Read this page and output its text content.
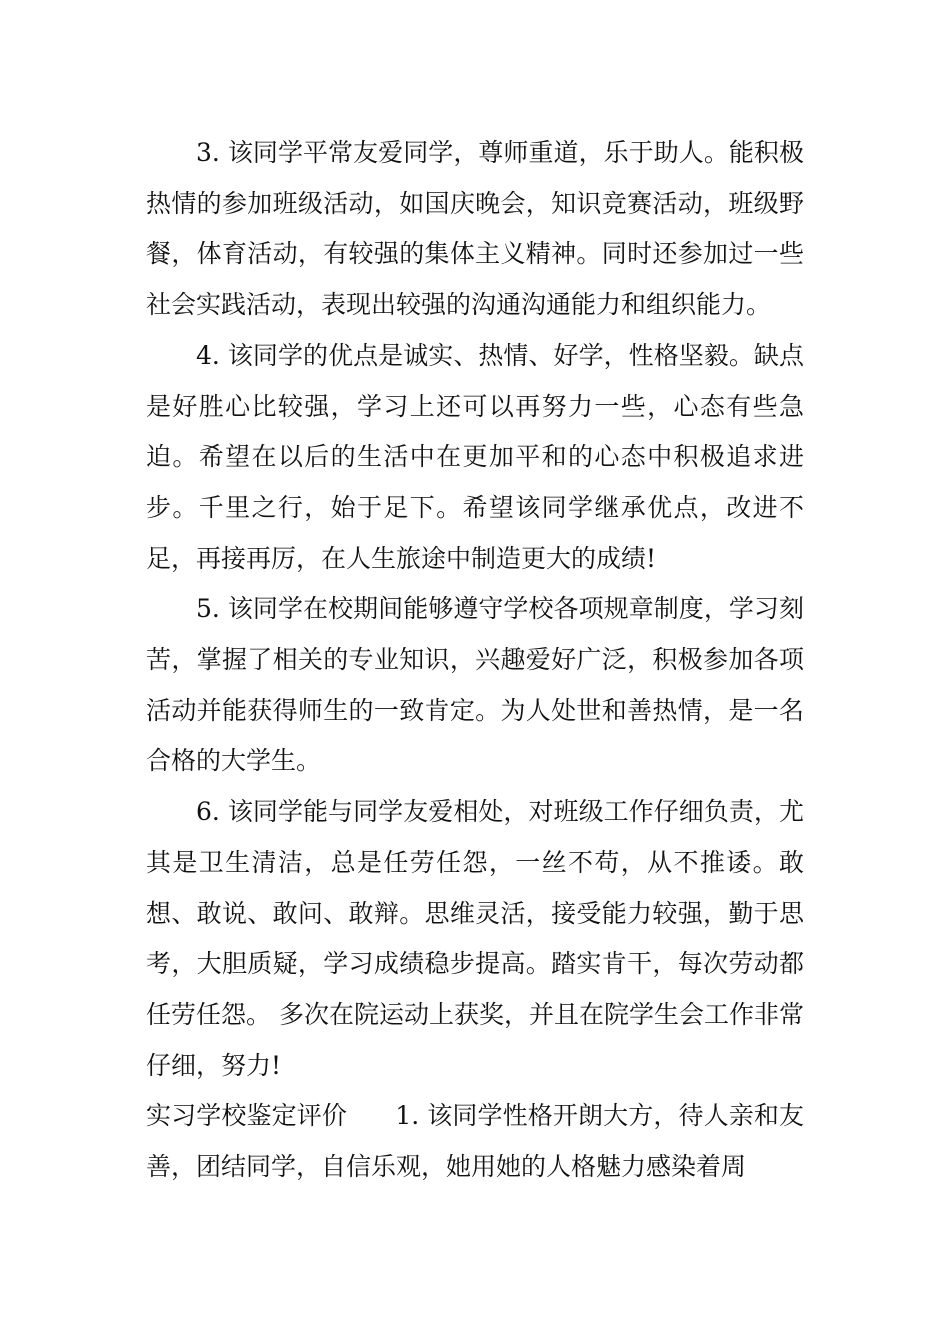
3. 该同学平常友爱同学，尊师重道，乐于助人。能积极热情的参加班级活动，如国庆晚会，知识竞赛活动，班级野餐，体育活动，有较强的集体主义精神。同时还参加过一些社会实践活动，表现出较强的沟通沟通能力和组织能力。

4. 该同学的优点是诚实、热情、好学，性格坚毅。缺点是好胜心比较强，学习上还可以再努力一些，心态有些急迫。希望在以后的生活中在更加平和的心态中积极追求进步。千里之行，始于足下。希望该同学继承优点，改进不足，再接再厉，在人生旅途中制造更大的成绩!

5. 该同学在校期间能够遵守学校各项规章制度，学习刻苦，掌握了相关的专业知识，兴趣爱好广泛，积极参加各项活动并能获得师生的一致肯定。为人处世和善热情，是一名合格的大学生。

6. 该同学能与同学友爱相处，对班级工作仔细负责，尤其是卫生清洁，总是任劳任怨，一丝不苟，从不推诿。敢想、敢说、敢问、敢辩。思维灵活，接受能力较强，勤于思考，大胆质疑，学习成绩稳步提高。踏实肯干，每次劳动都任劳任怨。 多次在院运动上获奖，并且在院学生会工作非常仔细，努力!

实习学校鉴定评价 1. 该同学性格开朗大方，待人亲和友善，团结同学，自信乐观，她用她的人格魅力感染着周
